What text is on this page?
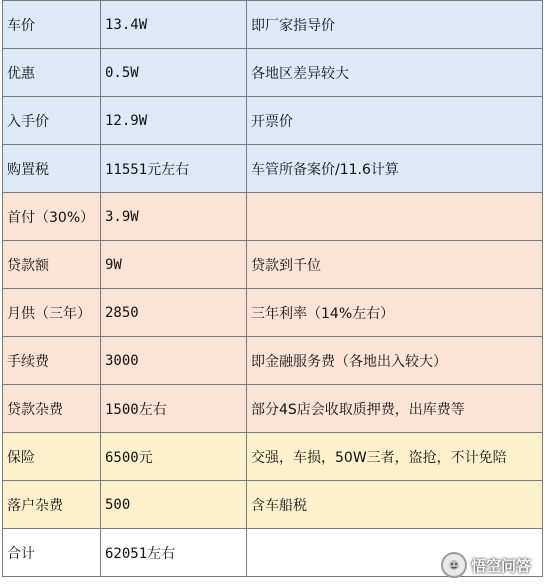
车价	13.4W	即厂家指导价
优惠	0.5W	各地区差异较大
入手价	12.9W	开票价
购置税	11551元左右	车管所备案价/11.6计算
首付（30%）	3.9W	
贷款额	9W	贷款到千位
月供（三年）	2850	三年利率（14%左右）
手续费	3000	即金融服务费（各地出入较大）
贷款杂费	1500左右	部分4S店会收取质押费，出库费等
保险	6500元	交强，车损，50W三者，盗抢，不计免陪
落户杂费	500	含车船税
合计	62051左右	
悟空问答
